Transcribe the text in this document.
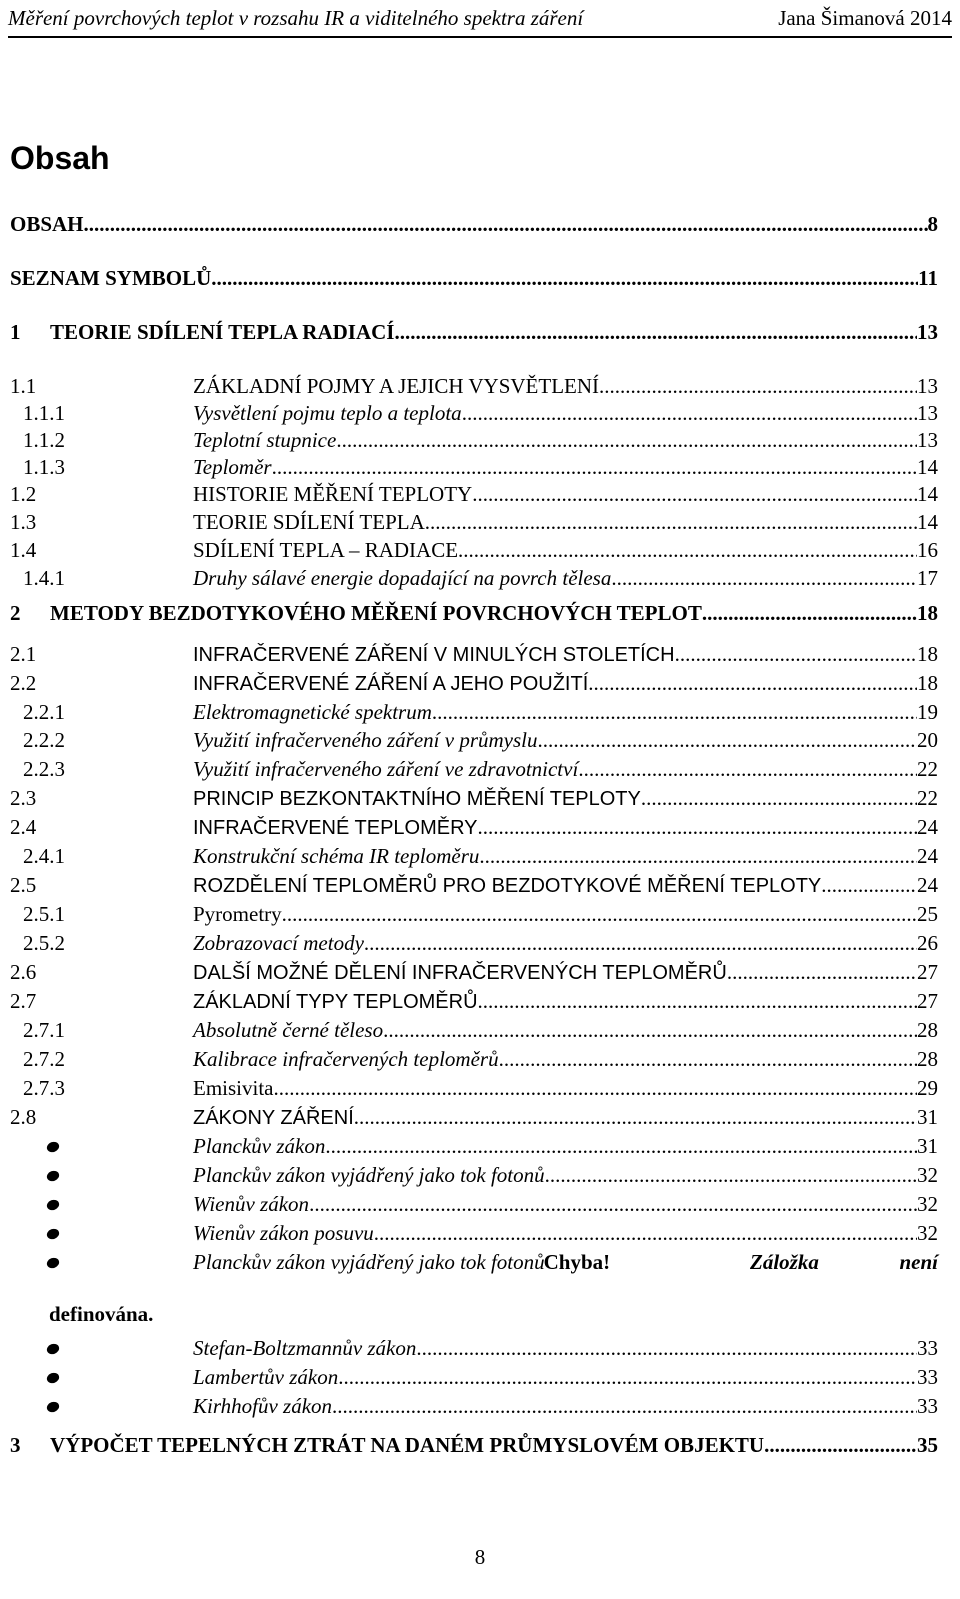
Měření povrchových teplot v rozsahu IR a viditelného spektra záření	Jana Šimanová 2014
Obsah
OBSAH .....	8
SEZNAM SYMBOLŮ .....	11
1	TEORIE SDÍLENÍ TEPLA RADIACÍ .....	13
1.1	ZÁKLADNÍ POJMY A JEJICH VYSVĚTLENÍ .....	13
1.1.1	Vysvětlení pojmu teplo a teplota .....	13
1.1.2	Teplotní stupnice .....	13
1.1.3	Teploměr .....	14
1.2	HISTORIE MĚŘENÍ TEPLOTY .....	14
1.3	TEORIE SDÍLENÍ TEPLA .....	14
1.4	SDÍLENÍ TEPLA – RADIACE .....	16
1.4.1	Druhy sálavé energie dopadající na povrch tělesa .....	17
2	METODY BEZDOTYKOVÉHO MĚŘENÍ POVRCHOVÝCH TEPLOT .....	18
2.1	INFRAČERVENÉ ZÁŘENÍ V MINULÝCH STOLETÍCH .....	18
2.2	INFRAČERVENÉ ZÁŘENÍ A JEHO POUŽITÍ .....	18
2.2.1	Elektromagnetické spektrum .....	19
2.2.2	Využití infračerveného záření v průmyslu .....	20
2.2.3	Využití infračerveného záření ve zdravotnictví .....	22
2.3	PRINCIP BEZKONTAKTNÍHO MĚŘENÍ TEPLOTY .....	22
2.4	INFRAČERVENÉ TEPLOMĚRY .....	24
2.4.1	Konstrukční schéma IR teploměru .....	24
2.5	ROZDĚLENÍ TEPLOMĚRŮ PRO BEZDOTYKOVÉ MĚŘENÍ TEPLOTY .....	24
2.5.1	Pyrometry .....	25
2.5.2	Zobrazovací metody .....	26
2.6	DALŠÍ MOŽNÉ DĚLENÍ INFRAČERVENÝCH TEPLOMĚRŮ .....	27
2.7	ZÁKLADNÍ TYPY TEPLOMĚRŮ .....	27
2.7.1	Absolutně černé těleso .....	28
2.7.2	Kalibrace infračervených teploměrů .....	28
2.7.3	Emisivita .....	29
2.8	ZÁKONY ZÁŘENÍ .....	31
Planckův zákon .....	31
Planckův zákon vyjádřený jako tok fotonů .....	32
Wienův zákon .....	32
Wienův zákon posuvu .....	32
Planckův zákon vyjádřený jako tok fotonů Chyba!	Záložka	není
definována.
Stefan-Boltzmannův zákon .....	33
Lambertův zákon .....	33
Kirhhofův zákon .....	33
3	VÝPOČET TEPELNÝCH ZTRÁT NA DANÉM PRŮMYSLOVÉM OBJEKTU .....	35
8
